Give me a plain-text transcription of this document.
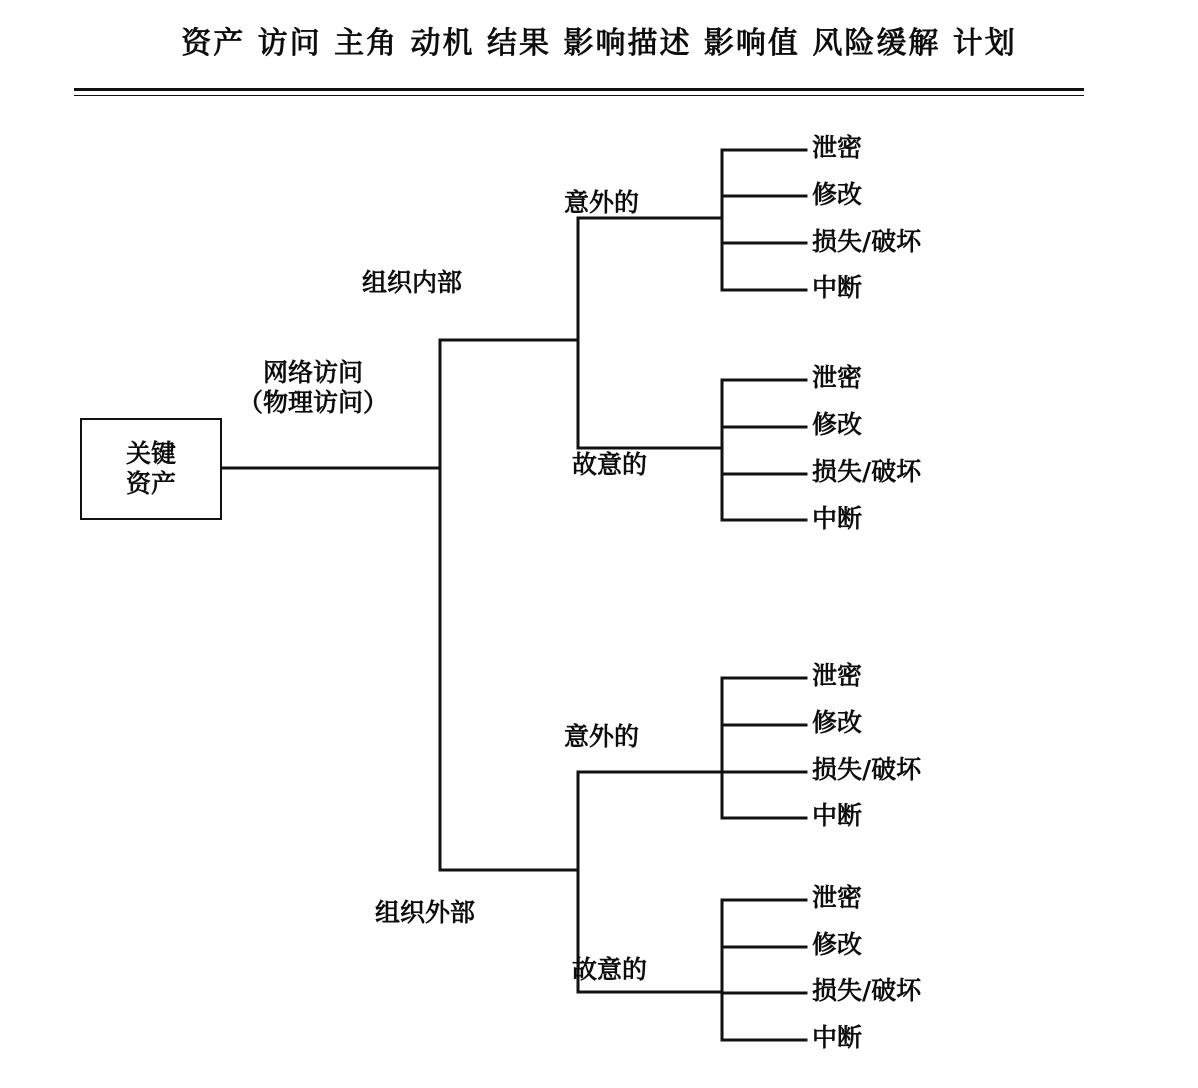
资产 访问 主角 动机 结果 影响描述 影响值 风险缓解 计划
关键
资产
网络访问
（物理访问）
组织内部
组织外部
意外的
故意的
意外的
故意的
泄密
修改
损失/破坏
中断
泄密
修改
损失/破坏
中断
泄密
修改
损失/破坏
中断
泄密
修改
损失/破坏
中断
